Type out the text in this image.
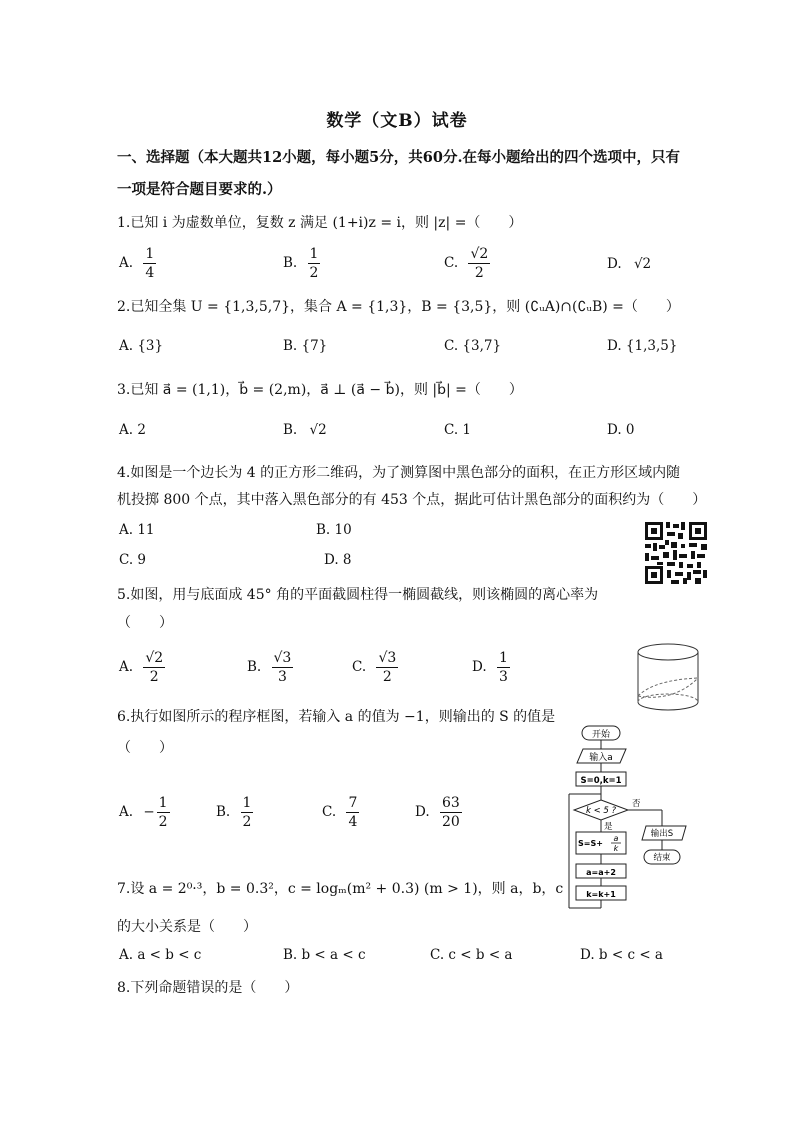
数学（文B）试卷
一、选择题（本大题共12小题，每小题5分，共60分.在每小题给出的四个选项中，只有
一项是符合题目要求的.）
1.已知 i 为虚数单位，复数 z 满足 (1+i)z = i，则 |z| =（　　）
A. $\frac{1}{4}$	B. $\frac{1}{2}$	C. $\frac{√2}{2}$	D. √2
2.已知全集 U = {1,3,5,7}，集合 A = {1,3}，B = {3,5}，则 (∁ᵤA)∩(∁ᵤB) =（　　）
A. {3}	B. {7}	C. {3,7}	D. {1,3,5}
3.已知 a⃗ = (1,1)，b⃗ = (2,m)，a⃗ ⊥ (a⃗ − b⃗)，则 |b⃗| =（　　）
A. 2	B. √2	C. 1	D. 0
4.如图是一个边长为 4 的正方形二维码，为了测算图中黑色部分的面积，在正方形区域内随
机投掷 800 个点，其中落入黑色部分的有 453 个点，据此可估计黑色部分的面积约为（　　）
A. 11	B. 10
C. 9	D. 8
5.如图，用与底面成 45° 角的平面截圆柱得一椭圆截线，则该椭圆的离心率为
（　　）
A. $\frac{√2}{2}$	B. $\frac{√3}{3}$	C. $\frac{√3}{2}$	D. $\frac{1}{3}$
6.执行如图所示的程序框图，若输入 a 的值为 −1，则输出的 S 的值是
（　　）
A. − $\frac{1}{2}$	B. $\frac{1}{2}$	C. $\frac{7}{4}$	D. $\frac{63}{20}$
开始
输入a
S=0,k=1
k < 5 ?
否
是
输出S
结束
S=S+
a
k
a=a+2
k=k+1
7.设 a = 2⁰·³，b = 0.3²，c = logₘ(m² + 0.3) (m > 1)，则 a，b，c
的大小关系是（　　）
A. a < b < c	B. b < a < c	C. c < b < a	D. b < c < a
8.下列命题错误的是（　　）
